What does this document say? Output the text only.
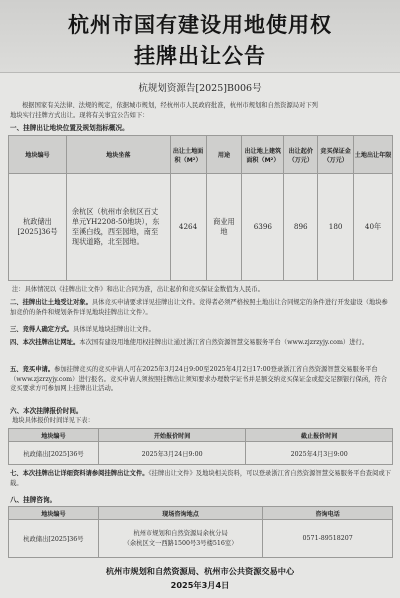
杭州市国有建设用地使用权
挂牌出让公告
杭规划资源告[2025]B006号
根据国家有关法律、法规的规定，依据城市规划，经杭州市人民政府批准，杭州市规划和自然资源局对下列
地块实行挂牌方式出让。现将有关事宜公告如下：
一、挂牌出让地块位置及规划指标概况。
地块编号	地块坐落	出让土地面积（M²）	用途	出让地上建筑面积（M²）	出让起价（万元）	竞买保证金（万元）	土地出让年限
杭政储出[2025]36号	余杭区（杭州市余杭区百丈单元YH2208-50地块），东至溪白线，西至园地，南至现状道路，北至园地。	4264	商业用地	6396	896	180	40年
注：具体情况以《挂牌出让文件》和出让合同为准，出让起价和竞买保证金数值为人民币。
二、挂牌出让土地受让对象。具体竞买申请要求详见挂牌出让文件。竞得者必须严格按照土地出让合同规定的条件进行开发建设（地块参加竞价的条件和规划条件详见地块挂牌出让文件）。
三、竞得人确定方式。具体详见地块挂牌出让文件。
四、本次挂牌出让网址。本次国有建设用地使用权挂牌出让通过浙江省自然资源智慧交易服务平台（www.zjzrzyjy.com）进行。
五、竞买申请。参加挂牌竞买的竞买申请人可在2025年3月24日9:00至2025年4月2日17:00登录浙江省自然资源智慧交易服务平台（www.zjzrzyjy.com）进行报名。竞买申请人须按照挂牌出让须知要求办理数字证书并足额交纳竞买保证金或提交足额银行保函，符合竞买要求方可参加网上挂牌出让活动。
六、本次挂牌报价时间。
地块具体报价时间详见下表：
地块编号	开始报价时间	截止报价时间
杭政储出[2025]36号	2025年3月24日9:00	2025年4月3日9:00
七、本次挂牌出让详细资料请参阅挂牌出让文件。《挂牌出让文件》及地块相关资料，可以登录浙江省自然资源智慧交易服务平台查阅或下载。
八、挂牌咨询。
地块编号	现场咨询地点	咨询电话
杭政储出[2025]36号	杭州市规划和自然资源局余杭分局
（余杭区文一西路1500号3号楼516室）	0571-89518207
杭州市规划和自然资源局、杭州市公共资源交易中心
2025年3月4日
